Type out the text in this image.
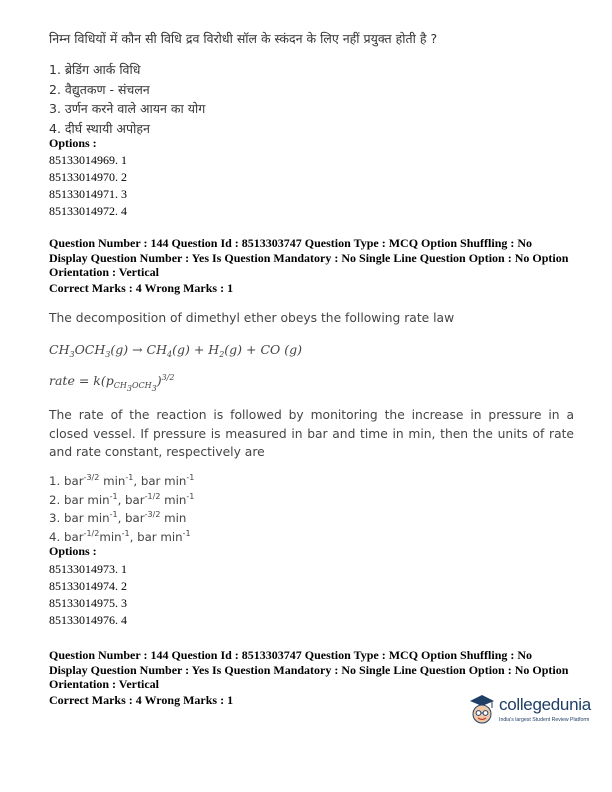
निम्न विधियों में कौन सी विधि द्रव विरोधी सॉल के स्कंदन के लिए नहीं प्रयुक्त होती है ?
1. ब्रेडिंग आर्क विधि
2. वैद्युतकण - संचलन
3. उर्णन करने वाले आयन का योग
4. दीर्घ स्थायी अपोहन
Options :
85133014969. 1
85133014970. 2
85133014971. 3
85133014972. 4
Question Number : 144 Question Id : 8513303747 Question Type : MCQ Option Shuffling : No
Display Question Number : Yes Is Question Mandatory : No Single Line Question Option : No Option
Orientation : Vertical
Correct Marks : 4 Wrong Marks : 1
The decomposition of dimethyl ether obeys the following rate law
$CH_3OCH_3(g) \to CH_4(g) + H_2(g)$ + CO (g)
rate = $k(p_{CH_3OCH_3})^{3/2}$
The rate of the reaction is followed by monitoring the increase in pressure in a closed vessel. If pressure is measured in bar and time in min, then the units of rate and rate constant, respectively are
1. bar$^{-3/2}$ $\min^{-1}$, bar $\min^{-1}$
2. bar $\min^{-1}$, bar$^{-1/2}$ $\min^{-1}$
3. bar $\min^{-1}$, bar$^{-3/2}$ min
4. $bar^{-1/2}\min^{-1}$, bar $\min^{-1}$
Options :
85133014973. 1
85133014974. 2
85133014975. 3
85133014976. 4
Question Number : 144 Question Id : 8513303747 Question Type : MCQ Option Shuffling : No
Display Question Number : Yes Is Question Mandatory : No Single Line Question Option : No Option
Orientation : Vertical
Correct Marks : 4 Wrong Marks : 1	collegedunia
India's largest Student Review Platform
